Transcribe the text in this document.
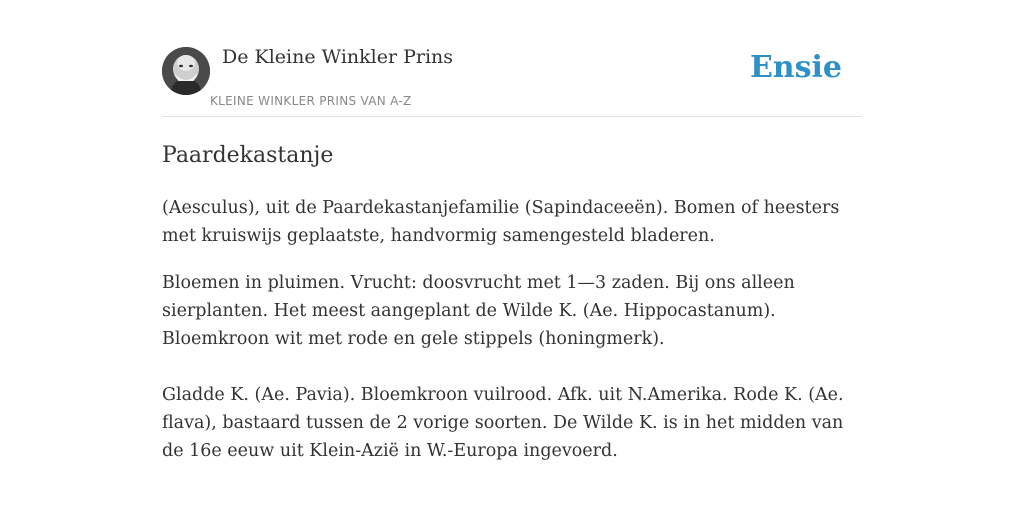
De Kleine Winkler Prins
KLEINE WINKLER PRINS VAN A-Z
Ensie
Paardekastanje

(Aesculus), uit de Paardekastanjefamilie (Sapindaceeën). Bomen of heesters met kruiswijs geplaatste, handvormig samengesteld bladeren.

Bloemen in pluimen. Vrucht: doosvrucht met 1—3 zaden. Bij ons alleen sierplanten. Het meest aangeplant de Wilde K. (Ae. Hippocastanum). Bloemkroon wit met rode en gele stippels (honingmerk).

Gladde K. (Ae. Pavia). Bloemkroon vuilrood. Afk. uit N.Amerika. Rode K. (Ae. flava), bastaard tussen de 2 vorige soorten. De Wilde K. is in het midden van de 16e eeuw uit Klein-Azië in W.-Europa ingevoerd.
